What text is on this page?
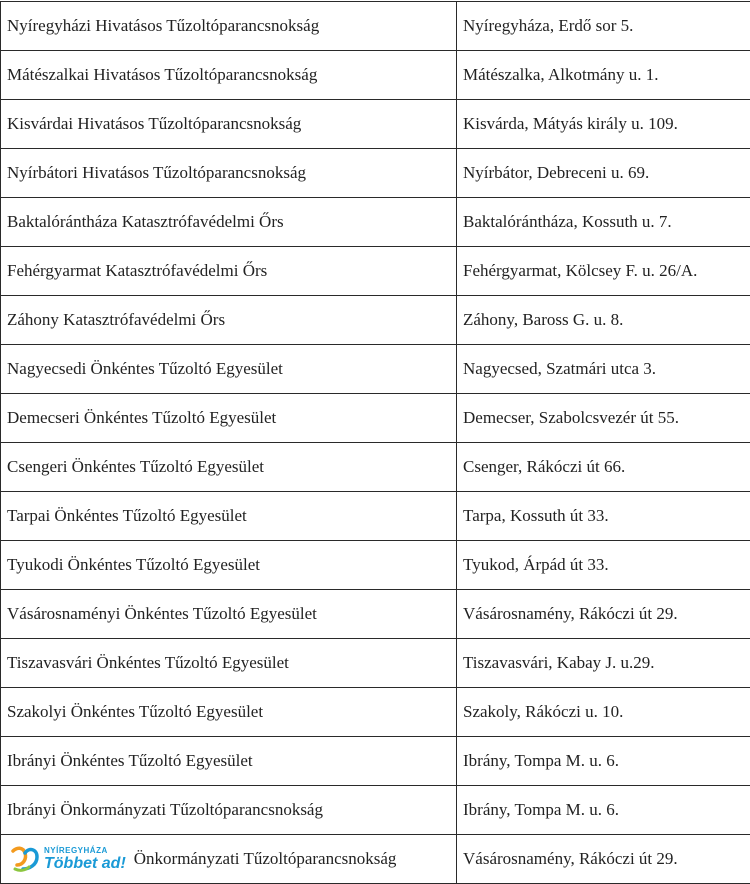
Nyíregyházi Hivatásos Tűzoltóparancsnokság	Nyíregyháza, Erdő sor 5.
Mátészalkai Hivatásos Tűzoltóparancsnokság	Mátészalka, Alkotmány u. 1.
Kisvárdai Hivatásos Tűzoltóparancsnokság	Kisvárda, Mátyás király u. 109.
Nyírbátori Hivatásos Tűzoltóparancsnokság	Nyírbátor, Debreceni u. 69.
Baktalórántháza Katasztrófavédelmi Őrs	Baktalórántháza, Kossuth u. 7.
Fehérgyarmat Katasztrófavédelmi Őrs	Fehérgyarmat, Kölcsey F. u. 26/A.
Záhony Katasztrófavédelmi Őrs	Záhony, Baross G. u. 8.
Nagyecsedi Önkéntes Tűzoltó Egyesület	Nagyecsed, Szatmári utca 3.
Demecseri Önkéntes Tűzoltó Egyesület	Demecser, Szabolcsvezér út 55.
Csengeri Önkéntes Tűzoltó Egyesület	Csenger, Rákóczi út 66.
Tarpai Önkéntes Tűzoltó Egyesület	Tarpa, Kossuth út 33.
Tyukodi Önkéntes Tűzoltó Egyesület	Tyukod, Árpád út 33.
Vásárosnaményi Önkéntes Tűzoltó Egyesület	Vásárosnamény, Rákóczi út 29.
Tiszavasvári Önkéntes Tűzoltó Egyesület	Tiszavasvári, Kabay J. u.29.
Szakolyi Önkéntes Tűzoltó Egyesület	Szakoly, Rákóczi u. 10.
Ibrányi Önkéntes Tűzoltó Egyesület	Ibrány, Tompa M. u. 6.
Ibrányi Önkormányzati Tűzoltóparancsnokság	Ibrány, Tompa M. u. 6.

NYÍREGYHÁZA
Többet ad! Önkormányzati Tűzoltóparancsnokság	Vásárosnamény, Rákóczi út 29.
